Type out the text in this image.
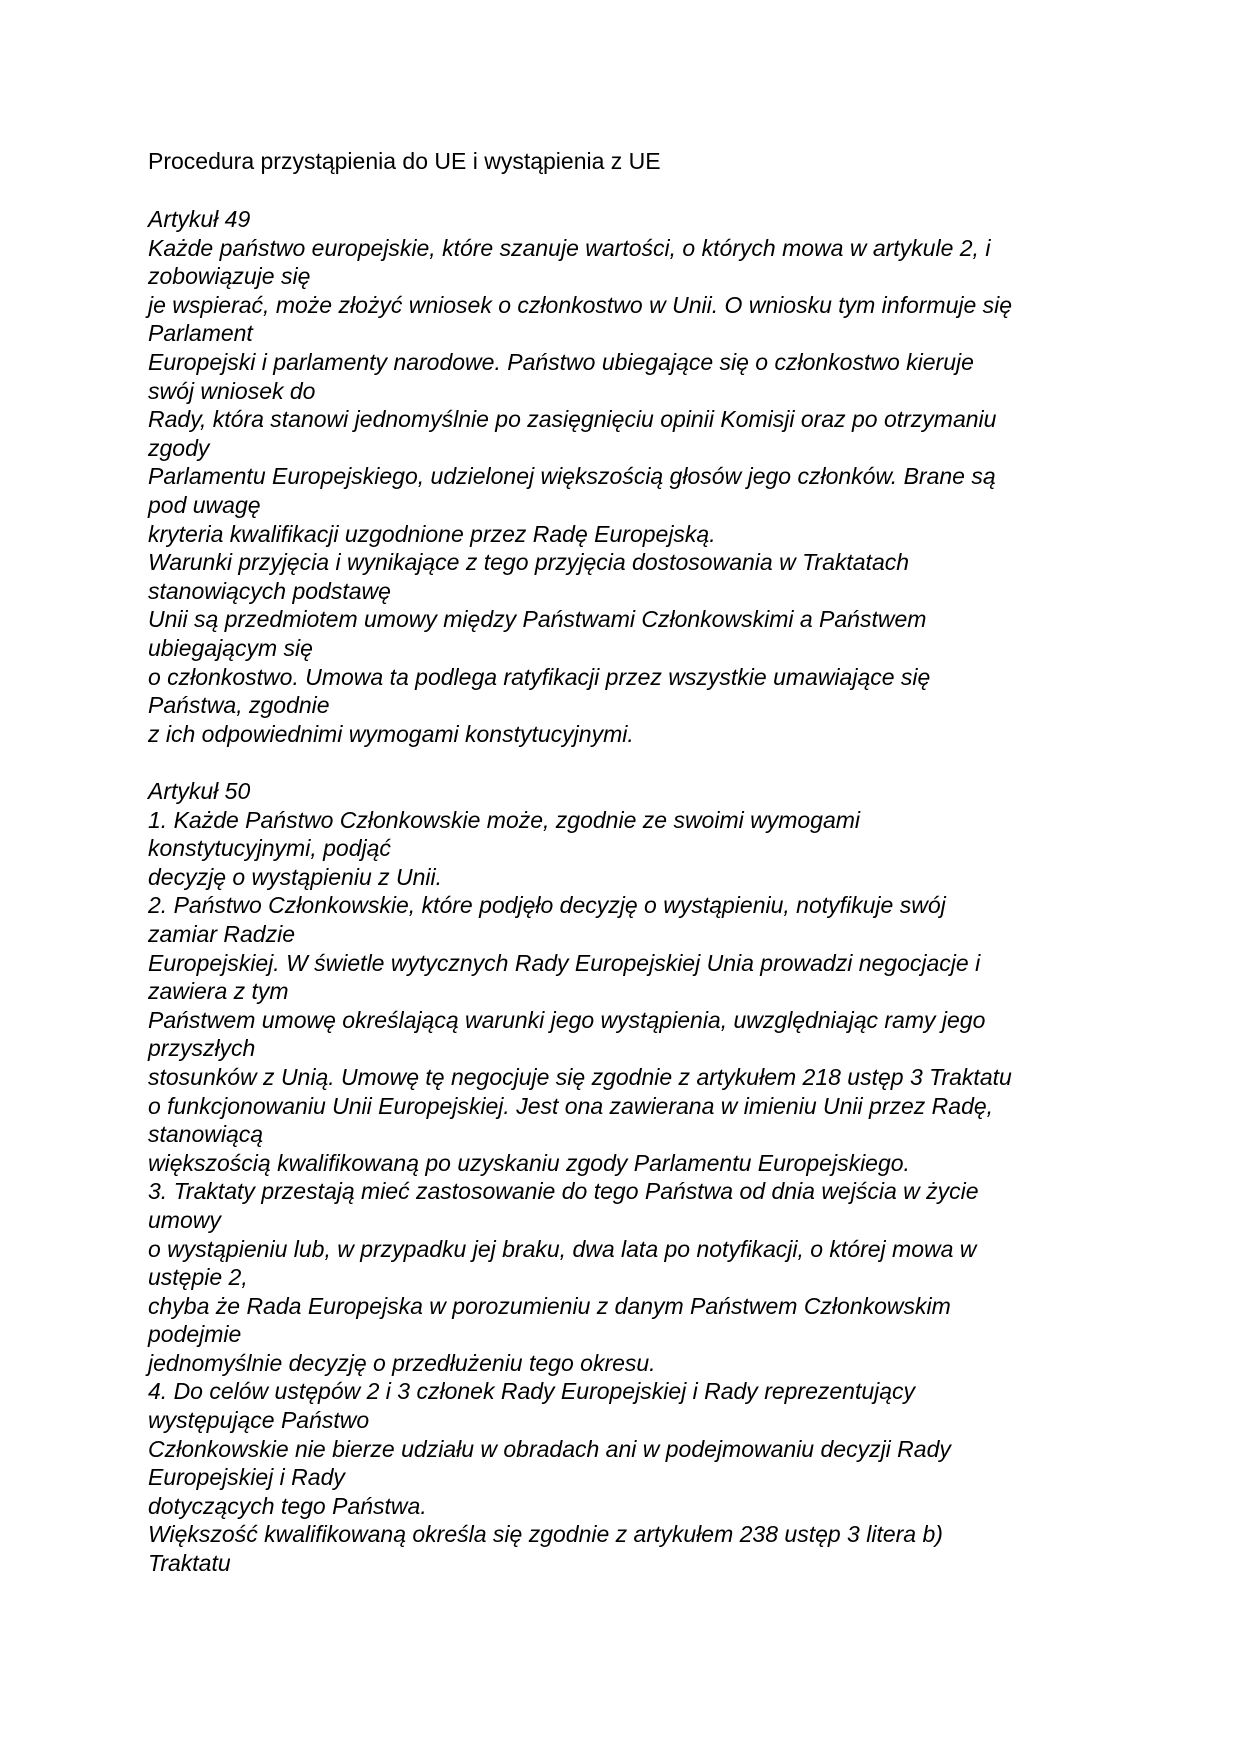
Procedura przystąpienia do UE i wystąpienia z UE
Artykuł 49
Każde państwo europejskie, które szanuje wartości, o których mowa w artykule 2, i
zobowiązuje się
je wspierać, może złożyć wniosek o członkostwo w Unii. O wniosku tym informuje się
Parlament
Europejski i parlamenty narodowe. Państwo ubiegające się o członkostwo kieruje
swój wniosek do
Rady, która stanowi jednomyślnie po zasięgnięciu opinii Komisji oraz po otrzymaniu
zgody
Parlamentu Europejskiego, udzielonej większością głosów jego członków. Brane są
pod uwagę
kryteria kwalifikacji uzgodnione przez Radę Europejską.
Warunki przyjęcia i wynikające z tego przyjęcia dostosowania w Traktatach
stanowiących podstawę
Unii są przedmiotem umowy między Państwami Członkowskimi a Państwem
ubiegającym się
o członkostwo. Umowa ta podlega ratyfikacji przez wszystkie umawiające się
Państwa, zgodnie
z ich odpowiednimi wymogami konstytucyjnymi.
Artykuł 50
1. Każde Państwo Członkowskie może, zgodnie ze swoimi wymogami
konstytucyjnymi, podjąć
decyzję o wystąpieniu z Unii.
2. Państwo Członkowskie, które podjęło decyzję o wystąpieniu, notyfikuje swój
zamiar Radzie
Europejskiej. W świetle wytycznych Rady Europejskiej Unia prowadzi negocjacje i
zawiera z tym
Państwem umowę określającą warunki jego wystąpienia, uwzględniając ramy jego
przyszłych
stosunków z Unią. Umowę tę negocjuje się zgodnie z artykułem 218 ustęp 3 Traktatu
o funkcjonowaniu Unii Europejskiej. Jest ona zawierana w imieniu Unii przez Radę,
stanowiącą
większością kwalifikowaną po uzyskaniu zgody Parlamentu Europejskiego.
3. Traktaty przestają mieć zastosowanie do tego Państwa od dnia wejścia w życie
umowy
o wystąpieniu lub, w przypadku jej braku, dwa lata po notyfikacji, o której mowa w
ustępie 2,
chyba że Rada Europejska w porozumieniu z danym Państwem Członkowskim
podejmie
jednomyślnie decyzję o przedłużeniu tego okresu.
4. Do celów ustępów 2 i 3 członek Rady Europejskiej i Rady reprezentujący
występujące Państwo
Członkowskie nie bierze udziału w obradach ani w podejmowaniu decyzji Rady
Europejskiej i Rady
dotyczących tego Państwa.
Większość kwalifikowaną określa się zgodnie z artykułem 238 ustęp 3 litera b)
Traktatu
